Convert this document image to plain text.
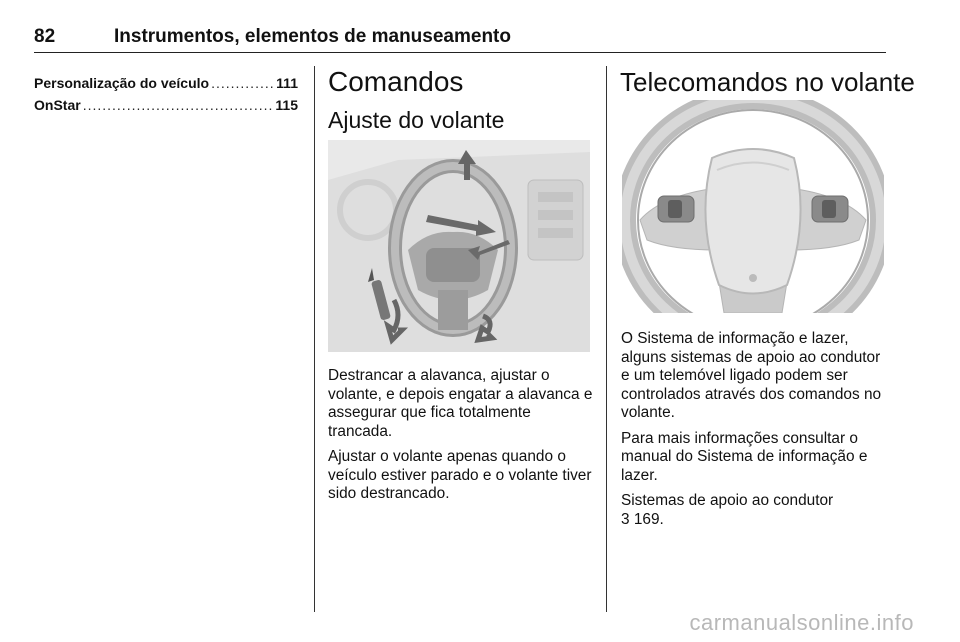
82	Instrumentos, elementos de manuseamento
Personalização do veículo .....	111
OnStar .....	115
Comandos
Ajuste do volante

Destrancar a alavanca, ajustar o volante, e depois engatar a alavanca e assegurar que fica totalmente trancada.

Ajustar o volante apenas quando o veículo estiver parado e o volante tiver sido destrancado.

Telecomandos no volante

O Sistema de informação e lazer, alguns sistemas de apoio ao condutor e um telemóvel ligado podem ser controlados através dos comandos no volante.

Para mais informações consultar o manual do Sistema de informação e lazer.

Sistemas de apoio ao condutor
3 169.

carmanualsonline.info
